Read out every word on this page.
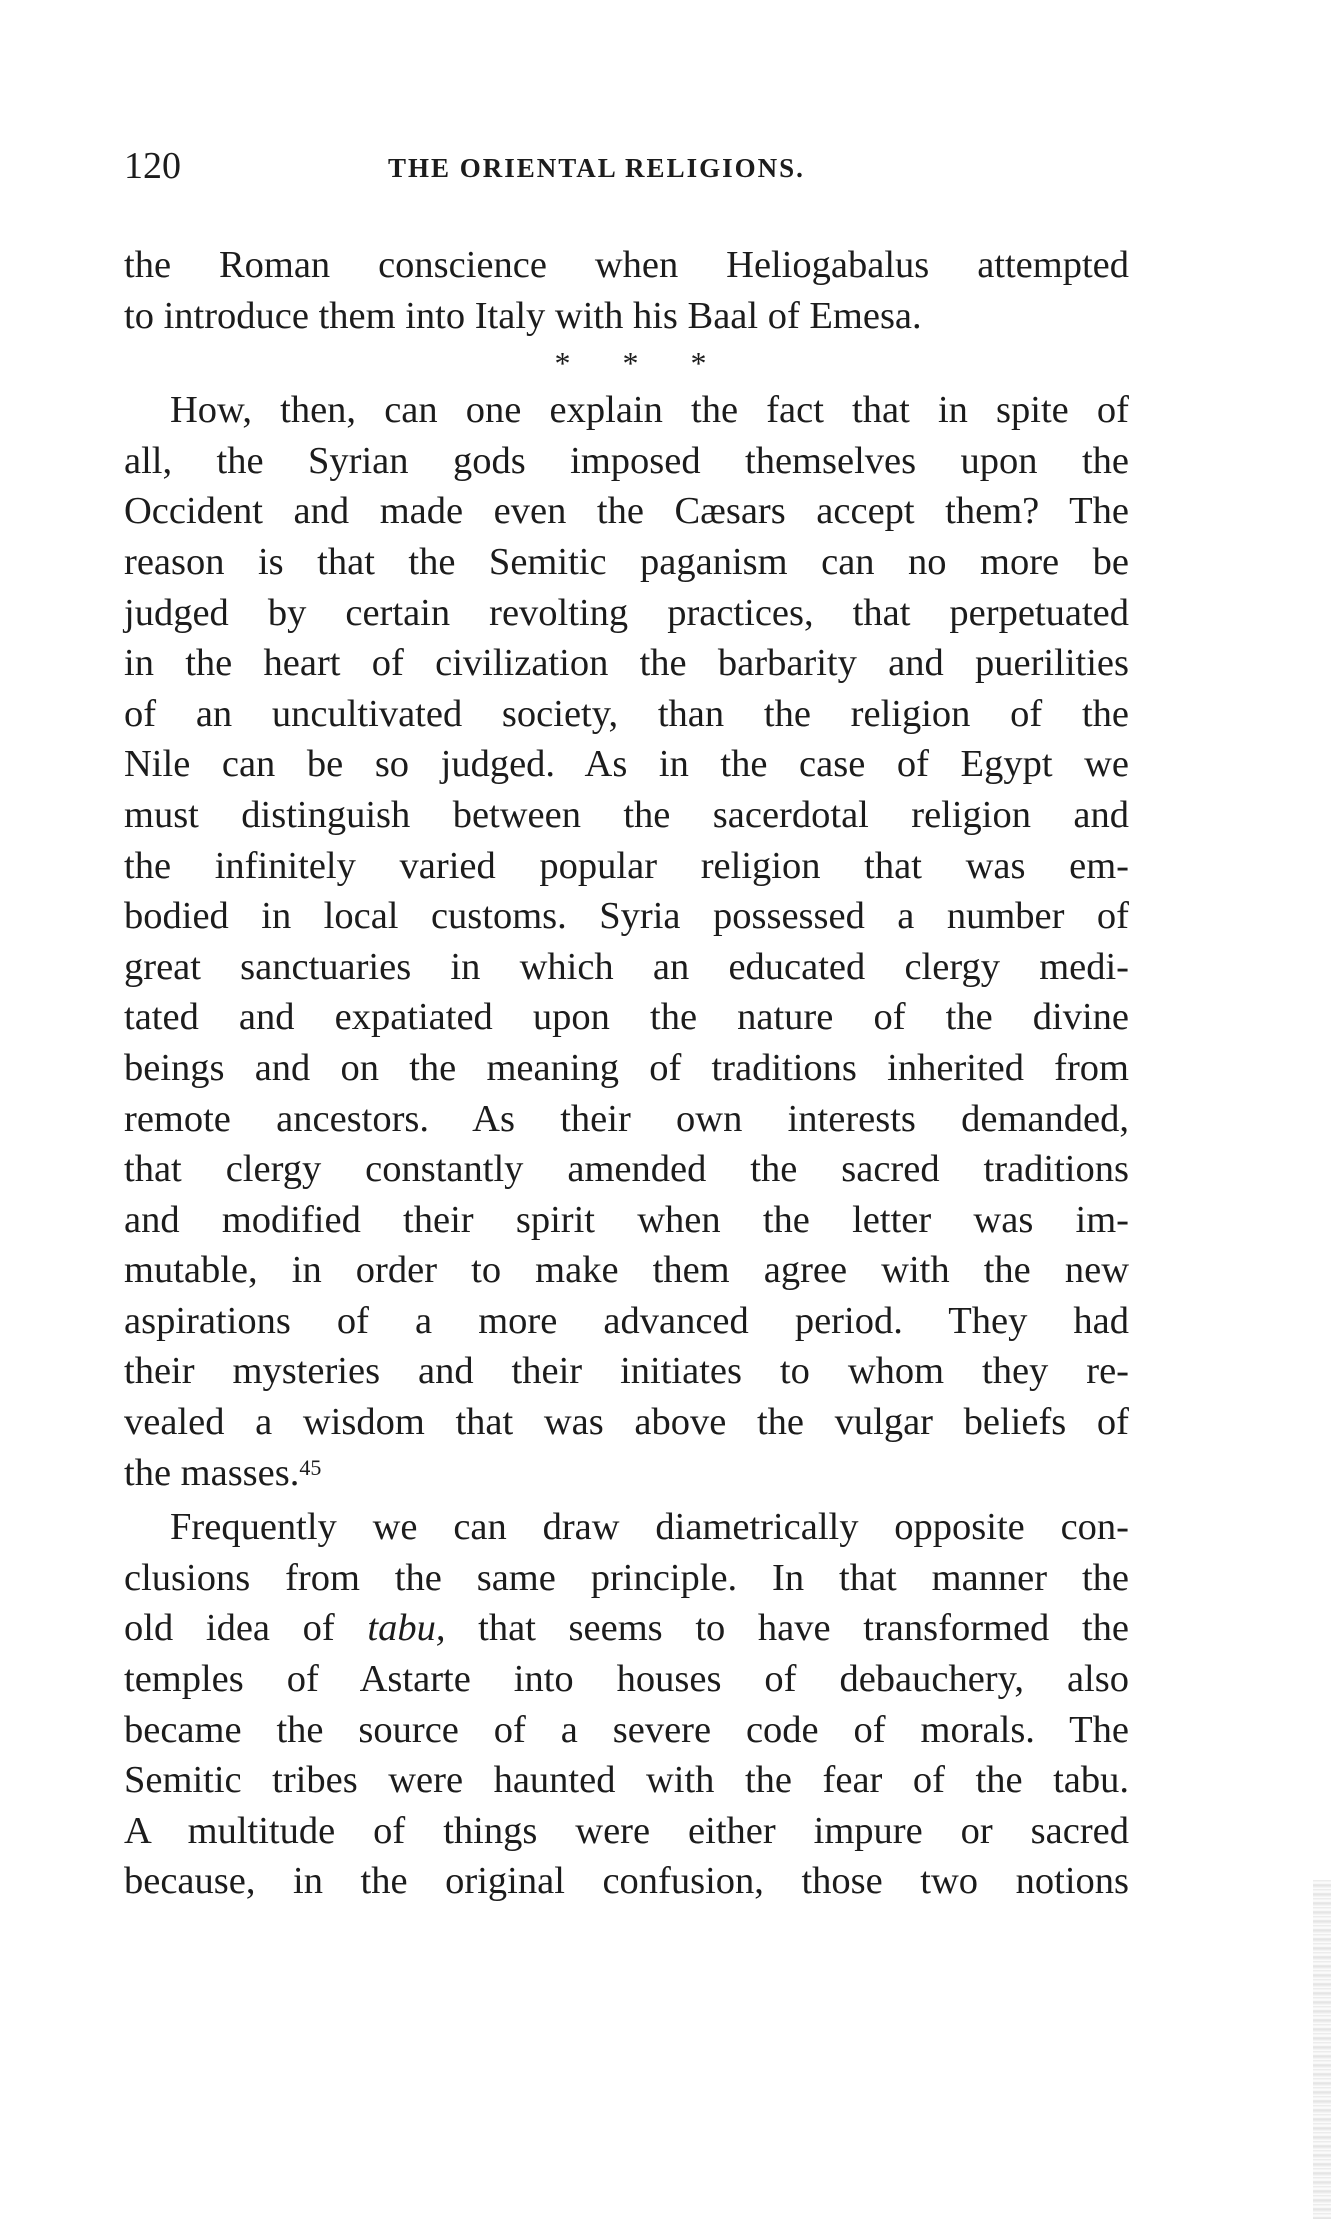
120	THE ORIENTAL RELIGIONS.
the Roman conscience when Heliogabalus attempted
to introduce them into Italy with his Baal of Emesa.
* * *
How, then, can one explain the fact that in spite of
all, the Syrian gods imposed themselves upon the
Occident and made even the Cæsars accept them? The
reason is that the Semitic paganism can no more be
judged by certain revolting practices, that perpetuated
in the heart of civilization the barbarity and puerilities
of an uncultivated society, than the religion of the
Nile can be so judged. As in the case of Egypt we
must distinguish between the sacerdotal religion and
the infinitely varied popular religion that was em-
bodied in local customs. Syria possessed a number of
great sanctuaries in which an educated clergy medi-
tated and expatiated upon the nature of the divine
beings and on the meaning of traditions inherited from
remote ancestors. As their own interests demanded,
that clergy constantly amended the sacred traditions
and modified their spirit when the letter was im-
mutable, in order to make them agree with the new
aspirations of a more advanced period. They had
their mysteries and their initiates to whom they re-
vealed a wisdom that was above the vulgar beliefs of
the masses.$^{45}$
Frequently we can draw diametrically opposite con-
clusions from the same principle. In that manner the
old idea of tabu, that seems to have transformed the
temples of Astarte into houses of debauchery, also
became the source of a severe code of morals. The
Semitic tribes were haunted with the fear of the tabu.
A multitude of things were either impure or sacred
because, in the original confusion, those two notions
